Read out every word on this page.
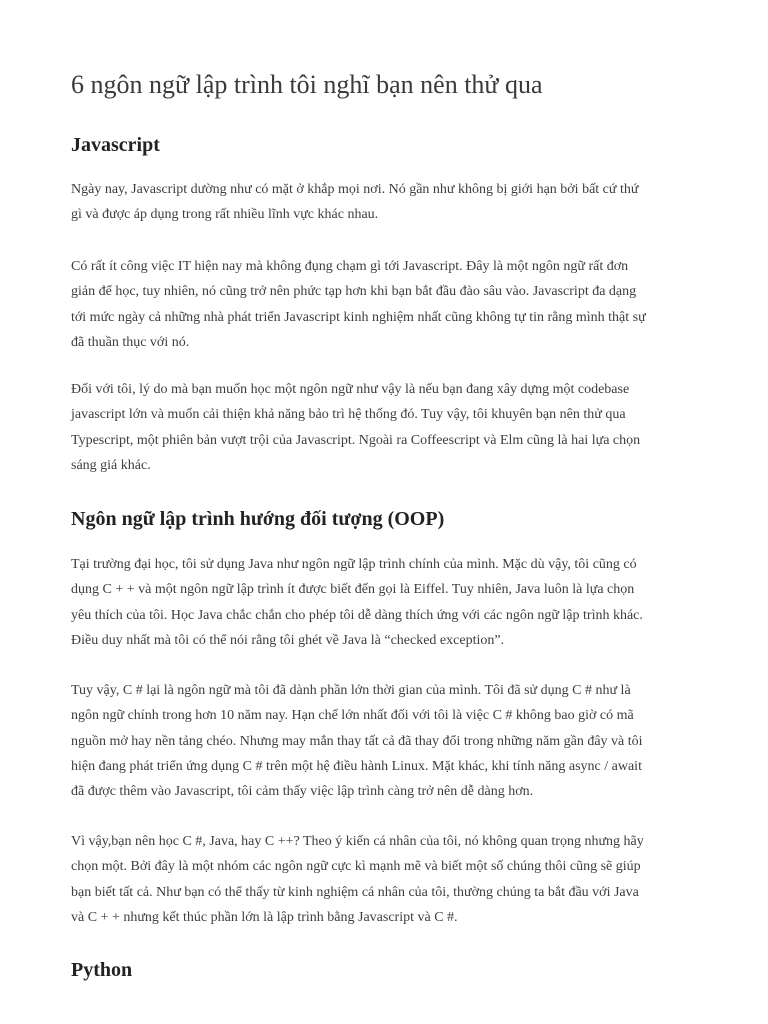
6 ngôn ngữ lập trình tôi nghĩ bạn nên thử qua
Javascript

Ngày nay, Javascript dường như có mặt ở khắp mọi nơi. Nó gần như không bị giới hạn bởi bất cứ thứ
gì và được áp dụng trong rất nhiều lĩnh vực khác nhau.

Có rất ít công việc IT hiện nay mà không đụng chạm gì tới Javascript. Đây là một ngôn ngữ rất đơn
giản để học, tuy nhiên, nó cũng trở nên phức tạp hơn khi bạn bắt đầu đào sâu vào. Javascript đa dạng
tới mức ngày cả những nhà phát triển Javascript kinh nghiệm nhất cũng không tự tin rằng mình thật sự
đã thuần thục với nó.

Đối với tôi, lý do mà bạn muốn học một ngôn ngữ như vậy là nếu bạn đang xây dựng một codebase
javascript lớn và muốn cải thiện khả năng bảo trì hệ thống đó. Tuy vậy, tôi khuyên bạn nên thử qua
Typescript, một phiên bản vượt trội của Javascript. Ngoài ra Coffeescript và Elm cũng là hai lựa chọn
sáng giá khác.

Ngôn ngữ lập trình hướng đối tượng (OOP)

Tại trường đại học, tôi sử dụng Java như ngôn ngữ lập trình chính của mình. Mặc dù vậy, tôi cũng có
dụng C + + và một ngôn ngữ lập trình ít được biết đến gọi là Eiffel. Tuy nhiên, Java luôn là lựa chọn
yêu thích của tôi. Học Java chắc chắn cho phép tôi dễ dàng thích ứng với các ngôn ngữ lập trình khác.
Điều duy nhất mà tôi có thể nói rằng tôi ghét về Java là “checked exception”.

Tuy vậy, C # lại là ngôn ngữ mà tôi đã dành phần lớn thời gian của mình. Tôi đã sử dụng C # như là
ngôn ngữ chính trong hơn 10 năm nay. Hạn chế lớn nhất đối với tôi là việc C # không bao giờ có mã
nguồn mở hay nền tảng chéo. Nhưng may mắn thay tất cả đã thay đổi trong những năm gần đây và tôi
hiện đang phát triển ứng dụng C # trên một hệ điều hành Linux. Mặt khác, khi tính năng async / await
đã được thêm vào Javascript, tôi cảm thấy việc lập trình càng trở nên dễ dàng hơn.

Vì vậy,bạn nên học C #, Java, hay C ++? Theo ý kiến cá nhân của tôi, nó không quan trọng nhưng hãy
chọn một. Bởi đây là một nhóm các ngôn ngữ cực kì mạnh mẽ và biết một số chúng thôi cũng sẽ giúp
bạn biết tất cả. Như bạn có thể thấy từ kinh nghiệm cá nhân của tôi, thường chúng ta bắt đầu với Java
và C + + nhưng kết thúc phần lớn là lập trình bằng Javascript và C #.

Python
